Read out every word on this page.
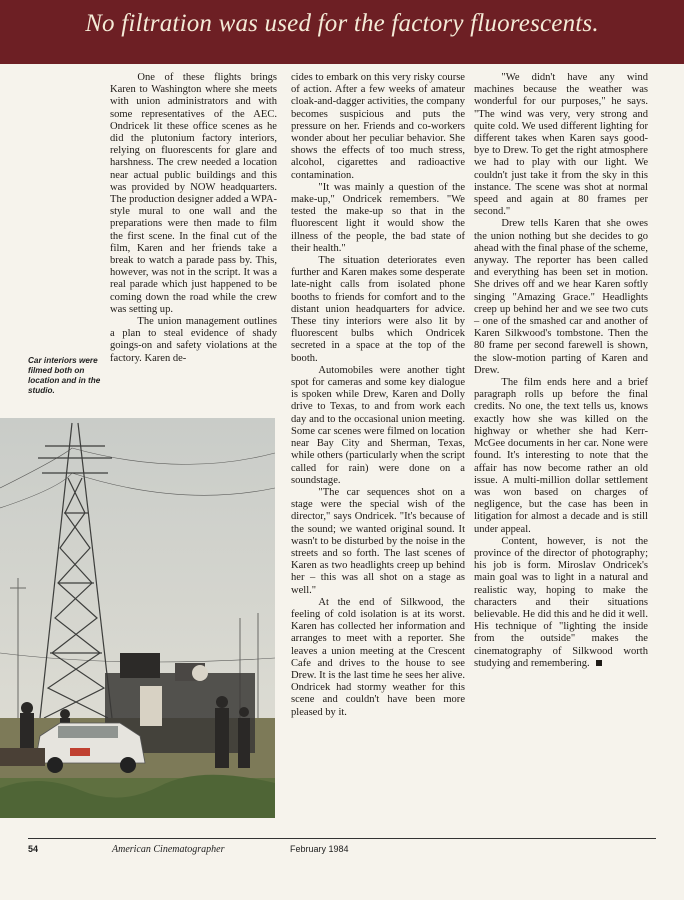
No filtration was used for the factory fluorescents.
Car interiors were filmed both on location and in the studio.

One of these flights brings Karen to Washington where she meets with union administrators and with some representatives of the AEC. Ondricek lit these office scenes as he did the plutonium factory interiors, relying on fluorescents for glare and harshness. The crew needed a location near actual public buildings and this was provided by NOW headquarters. The production designer added a WPA-style mural to one wall and the preparations were then made to film the first scene. In the final cut of the film, Karen and her friends take a break to watch a parade pass by. This, however, was not in the script. It was a real parade which just happened to be coming down the road while the crew was setting up.

The union management outlines a plan to steal evidence of shady goings-on and safety violations at the factory. Karen de-

cides to embark on this very risky course of action. After a few weeks of amateur cloak-and-dagger activities, the company becomes suspicious and puts the pressure on her. Friends and co-workers wonder about her peculiar behavior. She shows the effects of too much stress, alcohol, cigarettes and radioactive contamination.

"It was mainly a question of the make-up," Ondricek remembers. "We tested the make-up so that in the fluorescent light it would show the illness of the people, the bad state of their health."

The situation deteriorates even further and Karen makes some desperate late-night calls from isolated phone booths to friends for comfort and to the distant union headquarters for advice. These tiny interiors were also lit by fluorescent bulbs which Ondricek secreted in a space at the top of the booth.

Automobiles were another tight spot for cameras and some key dialogue is spoken while Drew, Karen and Dolly drive to Texas, to and from work each day and to the occasional union meeting. Some car scenes were filmed on location near Bay City and Sherman, Texas, while others (particularly when the script called for rain) were done on a soundstage.

"The car sequences shot on a stage were the special wish of the director," says Ondricek. "It's because of the sound; we wanted original sound. It wasn't to be disturbed by the noise in the streets and so forth. The last scenes of Karen as two headlights creep up behind her – this was all shot on a stage as well."

At the end of Silkwood, the feeling of cold isolation is at its worst. Karen has collected her information and arranges to meet with a reporter. She leaves a union meeting at the Crescent Cafe and drives to the house to see Drew. It is the last time he sees her alive. Ondricek had stormy weather for this scene and couldn't have been more pleased by it.

"We didn't have any wind machines because the weather was wonderful for our purposes," he says. "The wind was very, very strong and quite cold. We used different lighting for different takes when Karen says good-bye to Drew. To get the right atmosphere we had to play with our light. We couldn't just take it from the sky in this instance. The scene was shot at normal speed and again at 80 frames per second."

Drew tells Karen that she owes the union nothing but she decides to go ahead with the final phase of the scheme, anyway. The reporter has been called and everything has been set in motion. She drives off and we hear Karen softly singing "Amazing Grace." Headlights creep up behind her and we see two cuts – one of the smashed car and another of Karen Silkwood's tombstone. Then the 80 frame per second farewell is shown, the slow-motion parting of Karen and Drew.

The film ends here and a brief paragraph rolls up before the final credits. No one, the text tells us, knows exactly how she was killed on the highway or whether she had Kerr-McGee documents in her car. None were found. It's interesting to note that the affair has now become rather an old issue. A multi-million dollar settlement was won based on charges of negligence, but the case has been in litigation for almost a decade and is still under appeal.

Content, however, is not the province of the director of photography; his job is form. Miroslav Ondricek's main goal was to light in a natural and realistic way, hoping to make the characters and their situations believable. He did this and he did it well. His technique of "lighting the inside from the outside" makes the cinematography of Silkwood worth studying and remembering.

54	American Cinematographer	February 1984
